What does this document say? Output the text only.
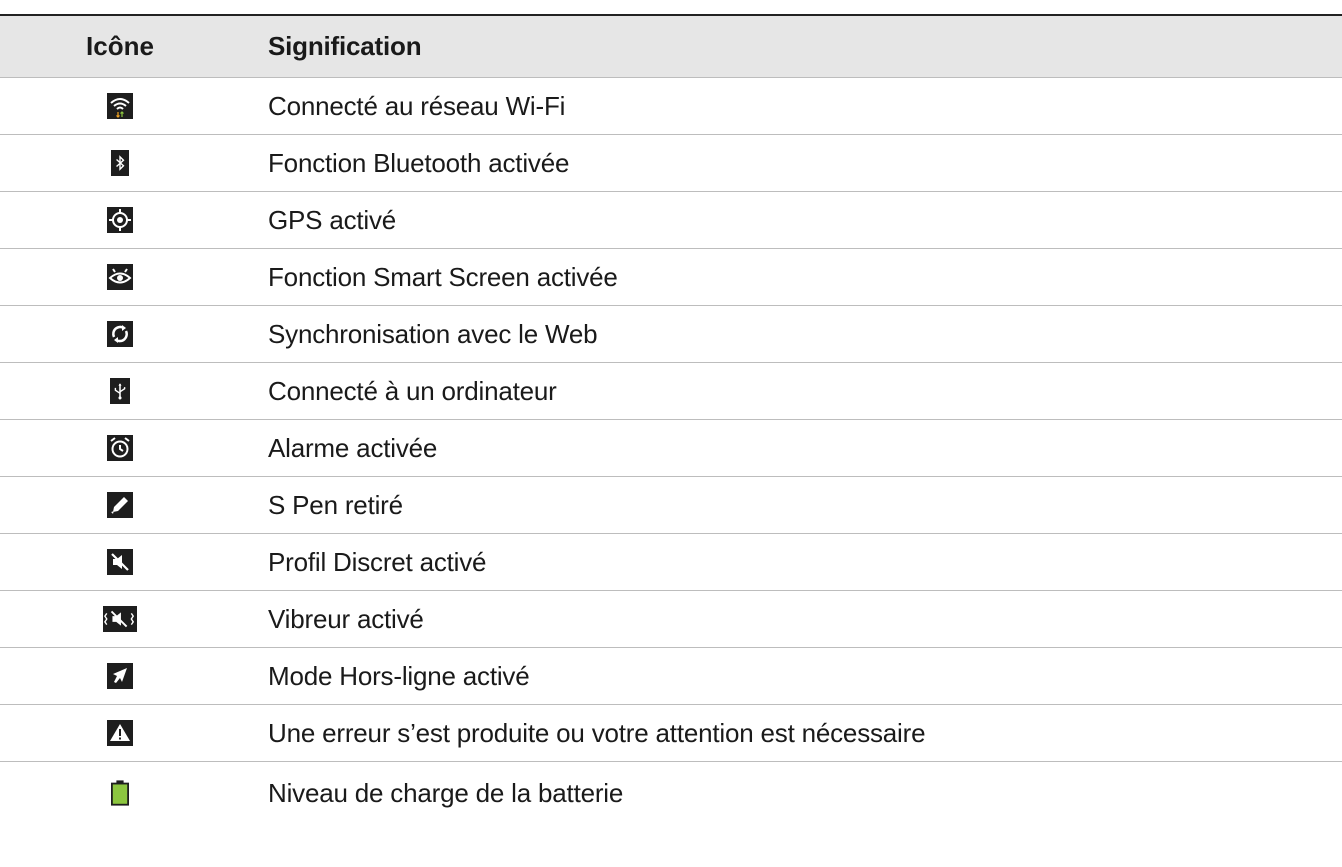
Icône	Signification
Connecté au réseau Wi-Fi
Fonction Bluetooth activée
GPS activé
Fonction Smart Screen activée
Synchronisation avec le Web
Connecté à un ordinateur
Alarme activée
S Pen retiré
Profil Discret activé
Vibreur activé
Mode Hors-ligne activé
Une erreur s’est produite ou votre attention est nécessaire
Niveau de charge de la batterie
